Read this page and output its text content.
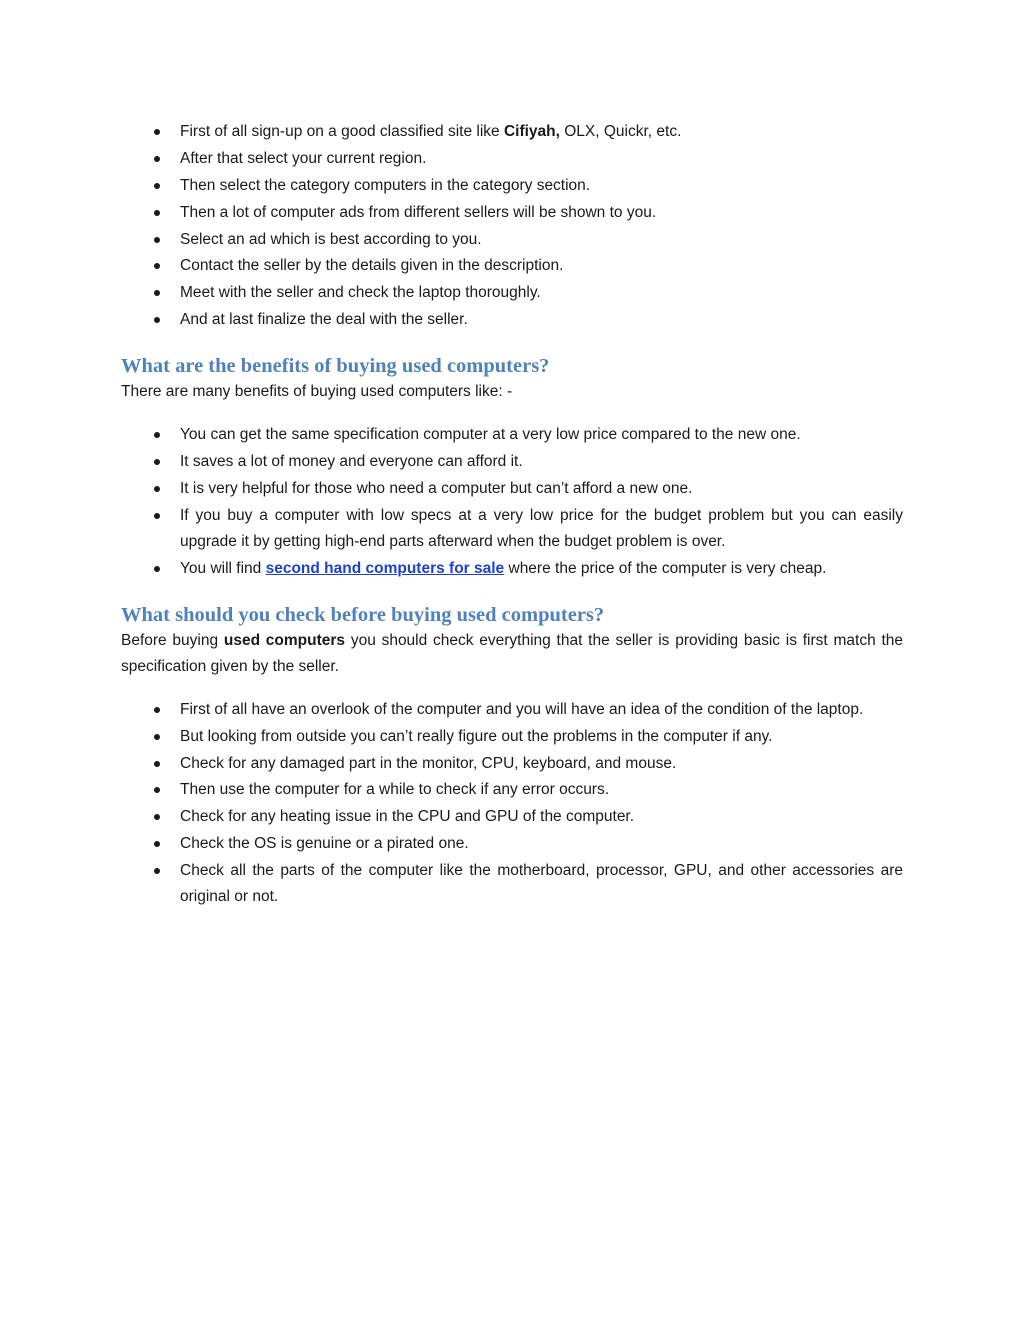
First of all sign-up on a good classified site like Cifiyah, OLX, Quickr, etc.
After that select your current region.
Then select the category computers in the category section.
Then a lot of computer ads from different sellers will be shown to you.
Select an ad which is best according to you.
Contact the seller by the details given in the description.
Meet with the seller and check the laptop thoroughly.
And at last finalize the deal with the seller.
What are the benefits of buying used computers?

There are many benefits of buying used computers like: -

You can get the same specification computer at a very low price compared to the new one.
It saves a lot of money and everyone can afford it.
It is very helpful for those who need a computer but can’t afford a new one.
If you buy a computer with low specs at a very low price for the budget problem but you can easily upgrade it by getting high-end parts afterward when the budget problem is over.
You will find second hand computers for sale where the price of the computer is very cheap.
What should you check before buying used computers?

Before buying used computers you should check everything that the seller is providing basic is first match the specification given by the seller.

First of all have an overlook of the computer and you will have an idea of the condition of the laptop.
But looking from outside you can’t really figure out the problems in the computer if any.
Check for any damaged part in the monitor, CPU, keyboard, and mouse.
Then use the computer for a while to check if any error occurs.
Check for any heating issue in the CPU and GPU of the computer.
Check the OS is genuine or a pirated one.
Check all the parts of the computer like the motherboard, processor, GPU, and other accessories are original or not.
